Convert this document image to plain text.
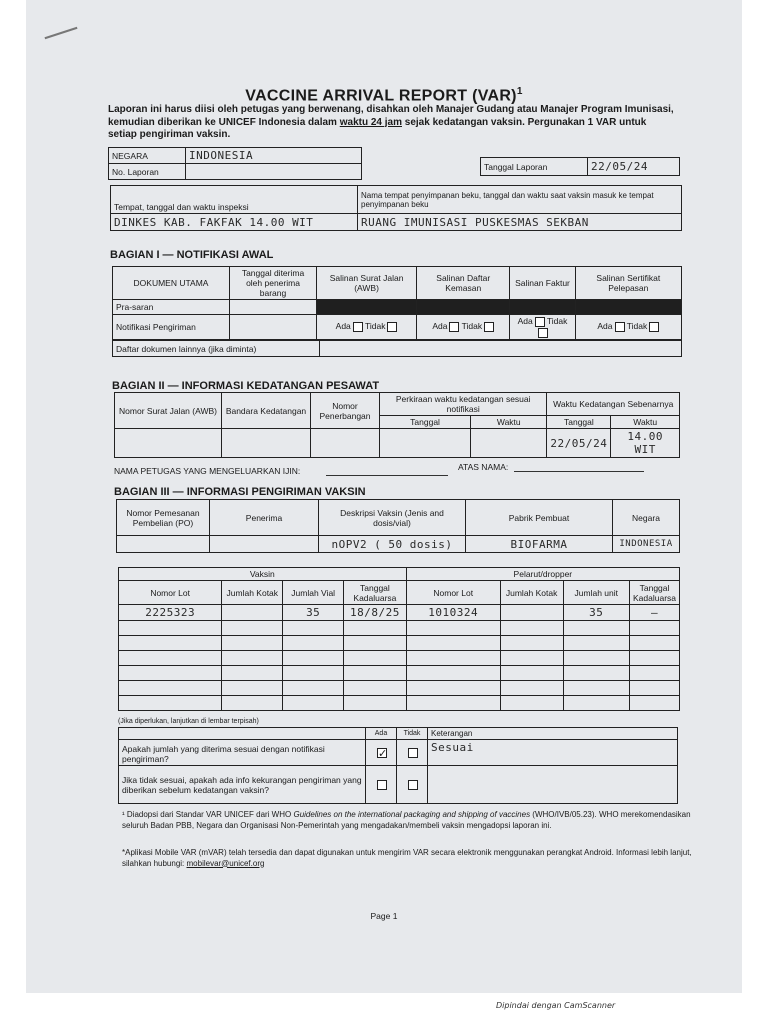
VACCINE ARRIVAL REPORT (VAR)$^1$
Laporan ini harus diisi oleh petugas yang berwenang, disahkan oleh Manajer Gudang atau Manajer Program Imunisasi, kemudian diberikan ke UNICEF Indonesia dalam waktu 24 jam sejak kedatangan vaksin. Pergunakan 1 VAR untuk setiap pengiriman vaksin.
NEGARA	INDONESIA
No. Laporan		Tanggal Laporan	22/05/24
Tempat, tanggal dan waktu inspeksi	Nama tempat penyimpanan beku, tanggal dan waktu saat vaksin masuk ke tempat penyimpanan beku
DINKES KAB. FAKFAK 14.00 WIT	RUANG IMUNISASI PUSKESMAS SEKBAN
BAGIAN I — NOTIFIKASI AWAL
DOKUMEN UTAMA	Tanggal diterima oleh penerima barang	Salinan Surat Jalan (AWB)	Salinan Daftar Kemasan	Salinan Faktur	Salinan Sertifikat Pelepasan
Pra-saran					
Notifikasi Pengiriman		Ada Tidak	Ada Tidak	Ada Tidak	Ada Tidak
Daftar dokumen lainnya (jika diminta)	
BAGIAN II — INFORMASI KEDATANGAN PESAWAT
Nomor Surat Jalan (AWB)	Bandara Kedatangan	Nomor Penerbangan	Perkiraan waktu kedatangan sesuai notifikasi		Waktu Kedatangan Sebenarnya	
			Tanggal	Waktu	Tanggal	Waktu
					22/05/24	14.00 WIT
NAMA PETUGAS YANG MENGELUARKAN IJIN:	ATAS NAMA:
BAGIAN III — INFORMASI PENGIRIMAN VAKSIN
Nomor Pemesanan Pembelian (PO)	Penerima	Deskripsi Vaksin (Jenis and dosis/vial)	Pabrik Pembuat	Negara
		nOPV2 ( 50 dosis)	BIOFARMA	INDONESIA
Vaksin				Pelarut/dropper			
Nomor Lot	Jumlah Kotak	Jumlah Vial	Tanggal Kadaluarsa	Nomor Lot	Jumlah Kotak	Jumlah unit	Tanggal Kadaluarsa
2225323		35	18/8/25	1010324		35	—

(Jika diperlukan, lanjutkan di lembar terpisah)
	Ada	Tidak	Keterangan
Apakah jumlah yang diterima sesuai dengan notifikasi pengiriman?	✓		Sesuai
Jika tidak sesuai, apakah ada info kekurangan pengiriman yang diberikan sebelum kedatangan vaksin?			
¹ Diadopsi dari Standar VAR UNICEF dari WHO Guidelines on the international packaging and shipping of vaccines (WHO/IVB/05.23). WHO merekomendasikan seluruh Badan PBB, Negara dan Organisasi Non-Pemerintah yang mengadakan/membeli vaksin mengadopsi laporan ini.
*Aplikasi Mobile VAR (mVAR) telah tersedia dan dapat digunakan untuk mengirim VAR secara elektronik menggunakan perangkat Android. Informasi lebih lanjut, silahkan hubungi: mobilevar@unicef.org
Page 1
Dipindai dengan CamScanner
